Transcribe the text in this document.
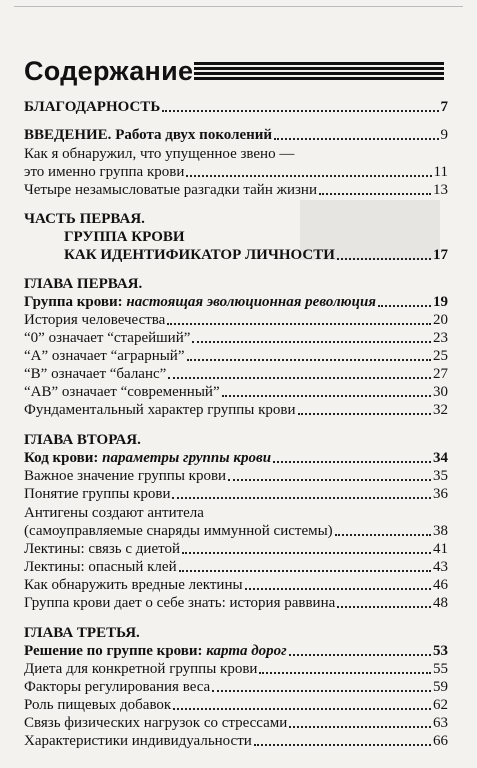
Содержание
БЛАГОДАРНОСТЬ	7
ВВЕДЕНИЕ. Работа двух поколений	9
Как я обнаружил, что упущенное звено —
это именно группа крови	11
Четыре незамысловатые разгадки тайн жизни	13
ЧАСТЬ ПЕРВАЯ.
ГРУППА КРОВИ
КАК ИДЕНТИФИКАТОР ЛИЧНОСТИ	17
ГЛАВА ПЕРВАЯ.
Группа крови: настоящая эволюционная революция	19
История человечества	20
“0” означает “старейший”	23
“А” означает “аграрный”	25
“В” означает “баланс”	27
“АВ” означает “современный”	30
Фундаментальный характер группы крови	32
ГЛАВА ВТОРАЯ.
Код крови: параметры группы крови	34
Важное значение группы крови	35
Понятие группы крови	36
Антигены создают антитела
(самоуправляемые снаряды иммунной системы)	38
Лектины: связь с диетой	41
Лектины: опасный клей	43
Как обнаружить вредные лектины	46
Группа крови дает о себе знать: история раввина	48
ГЛАВА ТРЕТЬЯ.
Решение по группе крови: карта дорог	53
Диета для конкретной группы крови	55
Факторы регулирования веса	59
Роль пищевых добавок	62
Связь физических нагрузок со стрессами	63
Характеристики индивидуальности	66
